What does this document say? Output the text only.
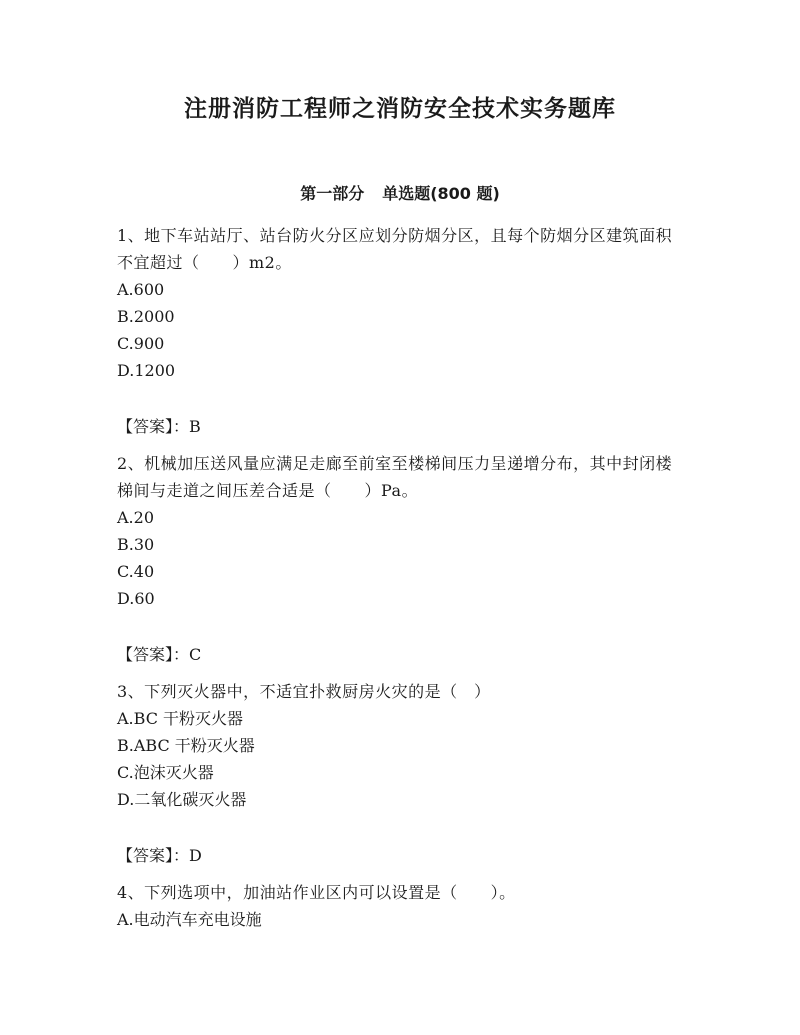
注册消防工程师之消防安全技术实务题库
第一部分 单选题(800 题)

1、地下车站站厅、站台防火分区应划分防烟分区，且每个防烟分区建筑面积不宜超过（　　）m2。

A.600

B.2000

C.900

D.1200

【答案】：B

2、机械加压送风量应满足走廊至前室至楼梯间压力呈递增分布，其中封闭楼梯间与走道之间压差合适是（　　）Pa。

A.20

B.30

C.40

D.60

【答案】：C

3、下列灭火器中，不适宜扑救厨房火灾的是（　）

A.BC 干粉灭火器

B.ABC 干粉灭火器

C.泡沫灭火器

D.二氧化碳灭火器

【答案】：D

4、下列选项中，加油站作业区内可以设置是（　　）。

A.电动汽车充电设施
